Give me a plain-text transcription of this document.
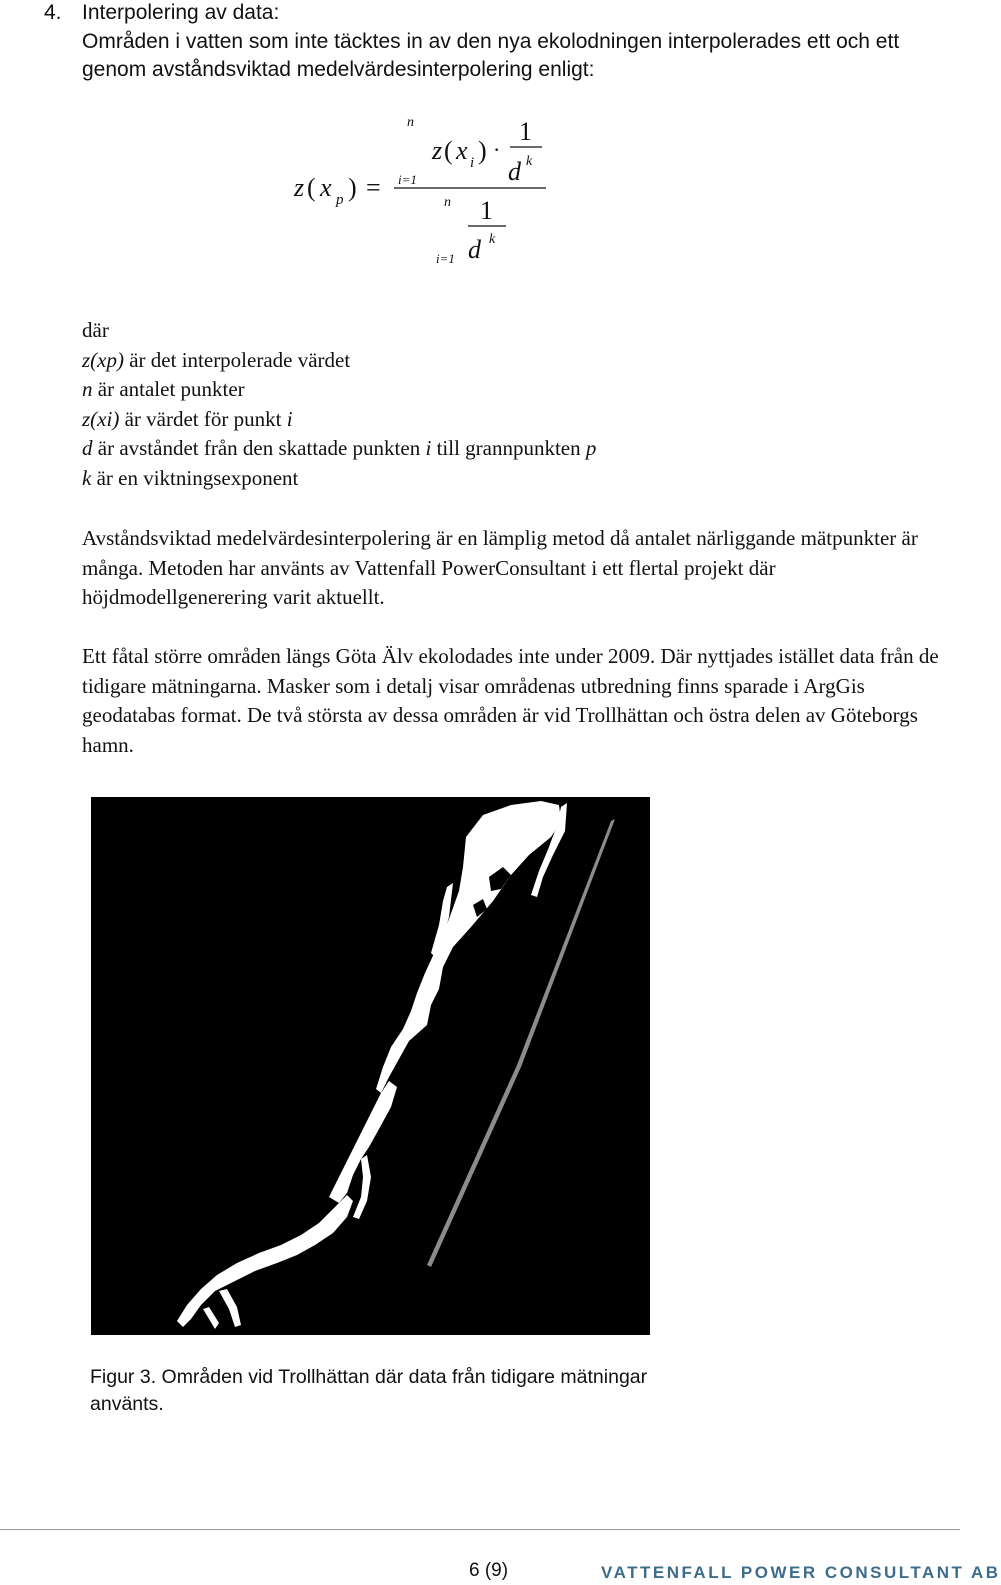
4. Interpolering av data:
Områden i vatten som inte täcktes in av den nya ekolodningen interpolerades ett och ett genom avståndsviktad medelvärdesinterpolering enligt:
z ( x p ) =
n
i=1
z ( x i ) ·
1
d k
n
i=1
1
d k
där
z(xp) är det interpolerade värdet
n är antalet punkter
z(xi) är värdet för punkt i
d är avståndet från den skattade punkten i till grannpunkten p
k är en viktningsexponent
Avståndsviktad medelvärdesinterpolering är en lämplig metod då antalet närliggande mätpunkter är många. Metoden har använts av Vattenfall PowerConsultant i ett flertal projekt där höjdmodellgenerering varit aktuellt.
Ett fåtal större områden längs Göta Älv ekolodades inte under 2009. Där nyttjades istället data från de tidigare mätningarna. Masker som i detalj visar områdenas utbredning finns sparade i ArgGis geodatabas format. De två största av dessa områden är vid Trollhättan och östra delen av Göteborgs hamn.
Figur 3. Områden vid Trollhättan där data från tidigare mätningar använts.
6 (9)	VATTENFALL POWER CONSULTANT AB
